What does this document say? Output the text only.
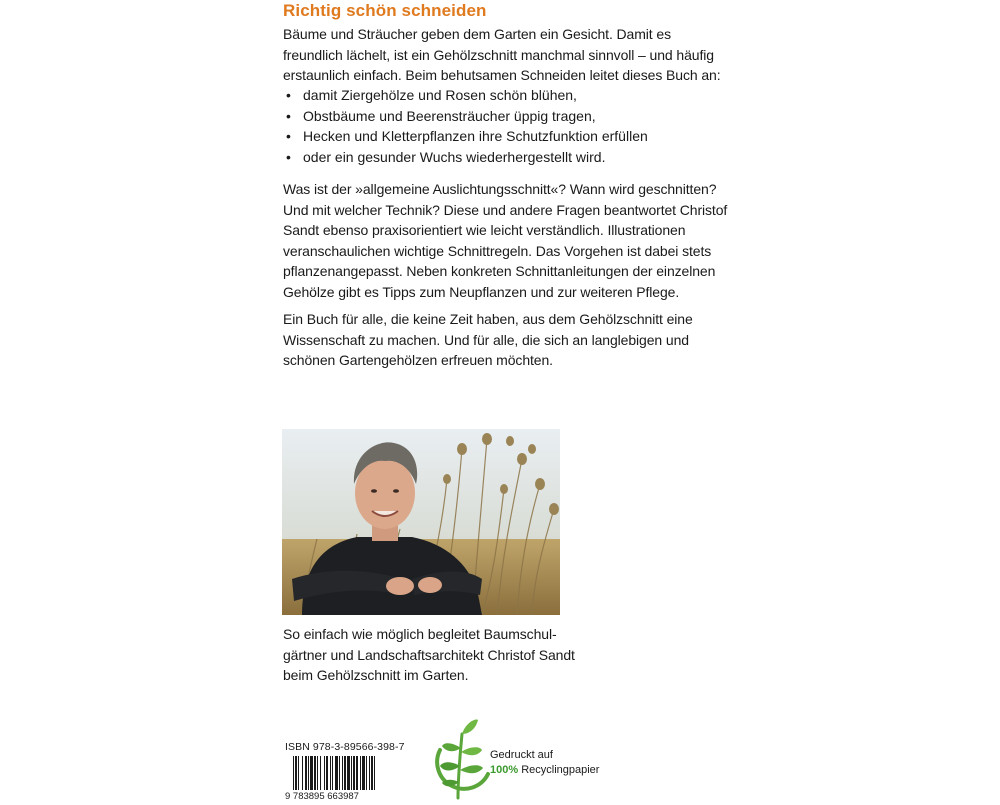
Richtig schön schneiden
Bäume und Sträucher geben dem Garten ein Gesicht. Damit es freundlich lächelt, ist ein Gehölzschnitt manchmal sinnvoll – und häufig erstaunlich einfach. Beim behutsamen Schneiden leitet dieses Buch an:
• damit Ziergehölze und Rosen schön blühen,
• Obstbäume und Beerensträucher üppig tragen,
• Hecken und Kletterpflanzen ihre Schutzfunktion erfüllen
• oder ein gesunder Wuchs wiederhergestellt wird.
Was ist der »allgemeine Auslichtungsschnitt«? Wann wird geschnitten? Und mit welcher Technik? Diese und andere Fragen beantwortet Christof Sandt ebenso praxisorientiert wie leicht verständlich. Illustrationen veranschaulichen wichtige Schnittregeln. Das Vorgehen ist dabei stets pflanzenangepasst. Neben konkreten Schnittanleitungen der einzelnen Gehölze gibt es Tipps zum Neupflanzen und zur weiteren Pflege.
Ein Buch für alle, die keine Zeit haben, aus dem Gehölzschnitt eine Wissenschaft zu machen. Und für alle, die sich an langlebigen und schönen Gartengehölzen erfreuen möchten.
So einfach wie möglich begleitet Baumschul-gärtner und Landschaftsarchitekt Christof Sandt beim Gehölzschnitt im Garten.
ISBN 978-3-89566-398-7
9 783895 663987
Gedruckt auf
100% Recyclingpapier
